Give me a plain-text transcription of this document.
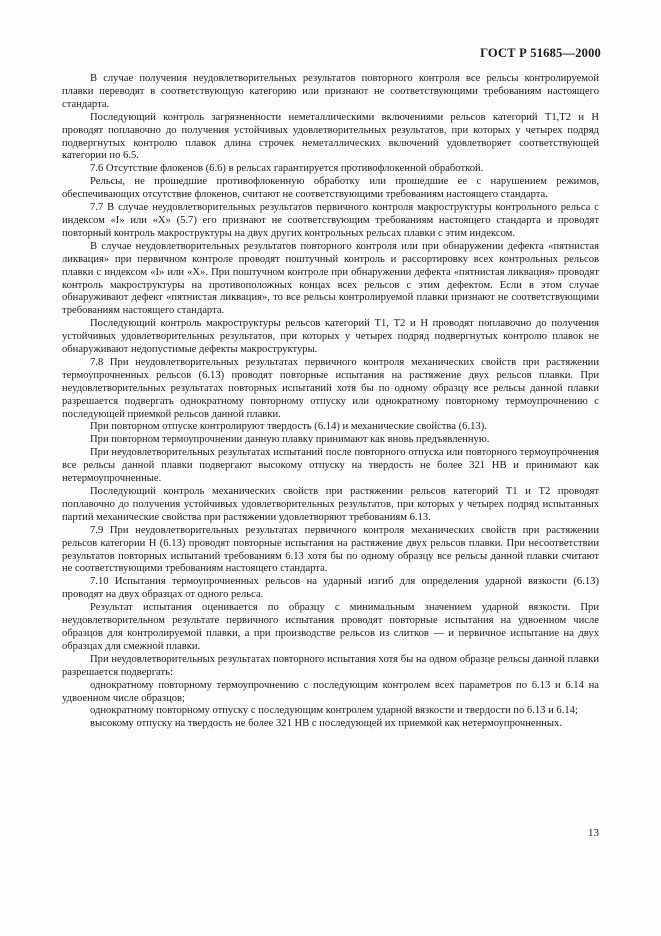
ГОСТ Р 51685—2000

В случае получения неудовлетворительных результатов повторного контроля все рельсы контролируемой плавки переводят в соответствующую категорию или признают не соответствующими требованиям настоящего стандарта.

Последующий контроль загрязненности неметаллическими включениями рельсов категорий Т1,Т2 и Н проводят поплавочно до получения устойчивых удовлетворительных результатов, при которых у четырех подряд подвергнутых контролю плавок длина строчек неметаллических включений удовлетворяет соответствующей категории по 6.5.

7.6 Отсутствие флокенов (6.6) в рельсах гарантируется противофлокенной обработкой.

Рельсы, не прошедшие противофлокенную обработку или прошедшие ее с нарушением режимов, обеспечивающих отсутствие флокенов, считают не соответствующими требованиям настоящего стандарта.

7.7 В случае неудовлетворительных результатов первичного контроля макроструктуры контрольного рельса с индексом «I» или «Х» (5.7) его признают не соответствующим требованиям настоящего стандарта и проводят повторный контроль макроструктуры на двух других контрольных рельсах плавки с этим индексом.

В случае неудовлетворительных результатов повторного контроля или при обнаружении дефекта «пятнистая ликвация» при первичном контроле проводят поштучный контроль и рассортировку всех контрольных рельсов плавки с индексом «I» или «Х». При поштучном контроле при обнаружении дефекта «пятнистая ликвация» проводят контроль макроструктуры на противоположных концах всех рельсов с этим дефектом. Если в этом случае обнаруживают дефект «пятнистая ликвация», то все рельсы контролируемой плавки признают не соответствующими требованиям настоящего стандарта.

Последующий контроль макроструктуры рельсов категорий Т1, Т2 и Н проводят поплавочно до получения устойчивых удовлетворительных результатов, при которых у четырех подряд подвергнутых контролю плавок не обнаруживают недопустимые дефекты макроструктуры.

7.8 При неудовлетворительных результатах первичного контроля механических свойств при растяжении термоупрочненных рельсов (6.13) проводят повторные испытания на растяжение двух рельсов плавки. При неудовлетворительных результатах повторных испытаний хотя бы по одному образцу все рельсы данной плавки разрешается подвергать однократному повторному отпуску или однократному повторному термоупрочнению с последующей приемкой рельсов данной плавки.

При повторном отпуске контролируют твердость (6.14) и механические свойства (6.13).

При повторном термоупрочнении данную плавку принимают как вновь предъявленную.

При неудовлетворительных результатах испытаний после повторного отпуска или повторного термоупрочнения все рельсы данной плавки подвергают высокому отпуску на твердость не более 321 НВ и принимают как нетермоупрочненные.

Последующий контроль механических свойств при растяжении рельсов категорий Т1 и Т2 проводят поплавочно до получения устойчивых удовлетворительных результатов, при которых у четырех подряд испытанных партий механические свойства при растяжении удовлетворяют требованиям 6.13.

7.9 При неудовлетворительных результатах первичного контроля механических свойств при растяжении рельсов категории Н (6.13) проводят повторные испытания на растяжение двух рельсов плавки. При несоответствии результатов повторных испытаний требованиям 6.13 хотя бы по одному образцу все рельсы данной плавки считают не соответствующими требованиям настоящего стандарта.

7.10 Испытания термоупрочненных рельсов на ударный изгиб для определения ударной вязкости (6.13) проводят на двух образцах от одного рельса.

Результат испытания оценивается по образцу с минимальным значением ударной вязкости. При неудовлетворительном результате первичного испытания проводят повторные испытания на удвоенном числе образцов для контролируемой плавки, а при производстве рельсов из слитков — и первичное испытание на двух образцах для смежной плавки.

При неудовлетворительных результатах повторного испытания хотя бы на одном образце рельсы данной плавки разрешается подвергать:

однократному повторному термоупрочнению с последующим контролем всех параметров по 6.13 и 6.14 на удвоенном числе образцов;

однократному повторному отпуску с последующим контролем ударной вязкости и твердости по 6.13 и 6.14;

высокому отпуску на твердость не более 321 НВ с последующей их приемкой как нетермоупрочненных.

13
